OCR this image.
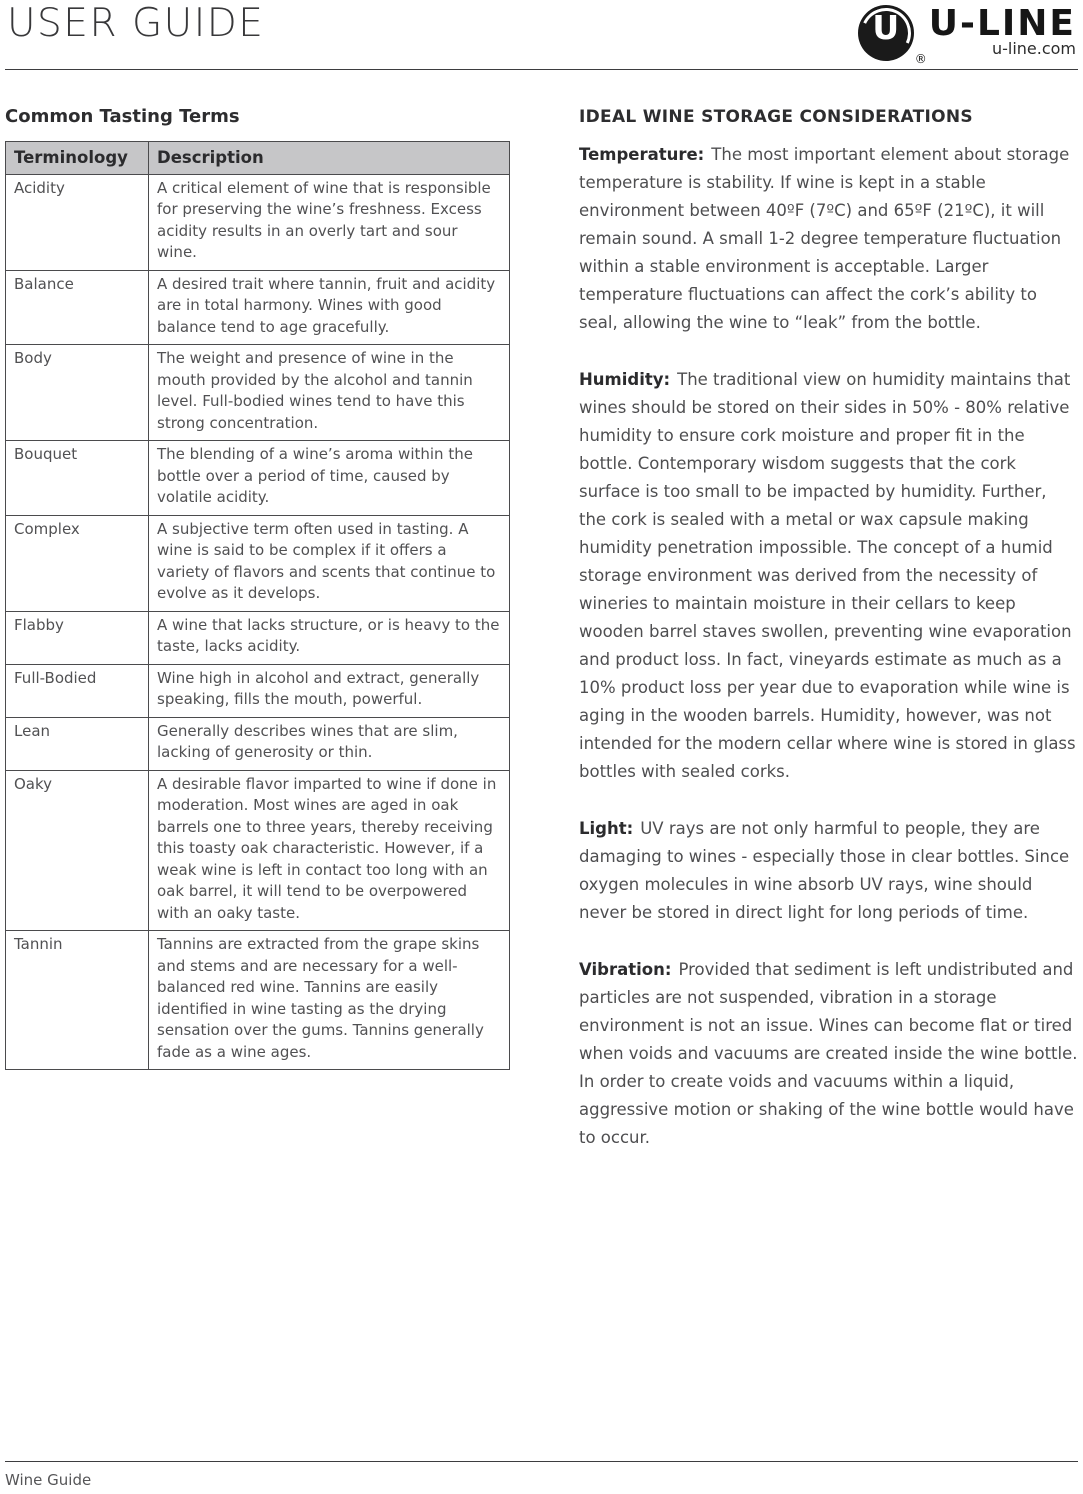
USER GUIDE	U
®
U-LINE
u-line.com
Common Tasting Terms
Terminology	Description
Acidity	A critical element of wine that is responsible for preserving the wine’s freshness. Excess acidity results in an overly tart and sour wine.
Balance	A desired trait where tannin, fruit and acidity are in total harmony. Wines with good balance tend to age gracefully.
Body	The weight and presence of wine in the mouth provided by the alcohol and tannin level. Full-bodied wines tend to have this strong concentration.
Bouquet	The blending of a wine’s aroma within the bottle over a period of time, caused by volatile acidity.
Complex	A subjective term often used in tasting. A wine is said to be complex if it offers a variety of flavors and scents that continue to evolve as it develops.
Flabby	A wine that lacks structure, or is heavy to the taste, lacks acidity.
Full-Bodied	Wine high in alcohol and extract, generally speaking, fills the mouth, powerful.
Lean	Generally describes wines that are slim, lacking of generosity or thin.
Oaky	A desirable flavor imparted to wine if done in moderation. Most wines are aged in oak barrels one to three years, thereby receiving this toasty oak characteristic. However, if a weak wine is left in contact too long with an oak barrel, it will tend to be overpowered with an oaky taste.
Tannin	Tannins are extracted from the grape skins and stems and are necessary for a well-balanced red wine. Tannins are easily identified in wine tasting as the drying sensation over the gums. Tannins generally fade as a wine ages.
IDEAL WINE STORAGE CONSIDERATIONS

Temperature: The most important element about storage temperature is stability. If wine is kept in a stable environment between 40ºF (7ºC) and 65ºF (21ºC), it will remain sound. A small 1-2 degree temperature fluctuation within a stable environment is acceptable. Larger temperature fluctuations can affect the cork’s ability to seal, allowing the wine to “leak” from the bottle.

Humidity: The traditional view on humidity maintains that wines should be stored on their sides in 50% - 80% relative humidity to ensure cork moisture and proper fit in the bottle. Contemporary wisdom suggests that the cork surface is too small to be impacted by humidity. Further, the cork is sealed with a metal or wax capsule making humidity penetration impossible. The concept of a humid storage environment was derived from the necessity of wineries to maintain moisture in their cellars to keep wooden barrel staves swollen, preventing wine evaporation and product loss. In fact, vineyards estimate as much as a 10% product loss per year due to evaporation while wine is aging in the wooden barrels. Humidity, however, was not intended for the modern cellar where wine is stored in glass bottles with sealed corks.

Light: UV rays are not only harmful to people, they are damaging to wines - especially those in clear bottles. Since oxygen molecules in wine absorb UV rays, wine should never be stored in direct light for long periods of time.

Vibration: Provided that sediment is left undistributed and particles are not suspended, vibration in a storage environment is not an issue. Wines can become flat or tired when voids and vacuums are created inside the wine bottle. In order to create voids and vacuums within a liquid, aggressive motion or shaking of the wine bottle would have to occur.

Wine Guide
